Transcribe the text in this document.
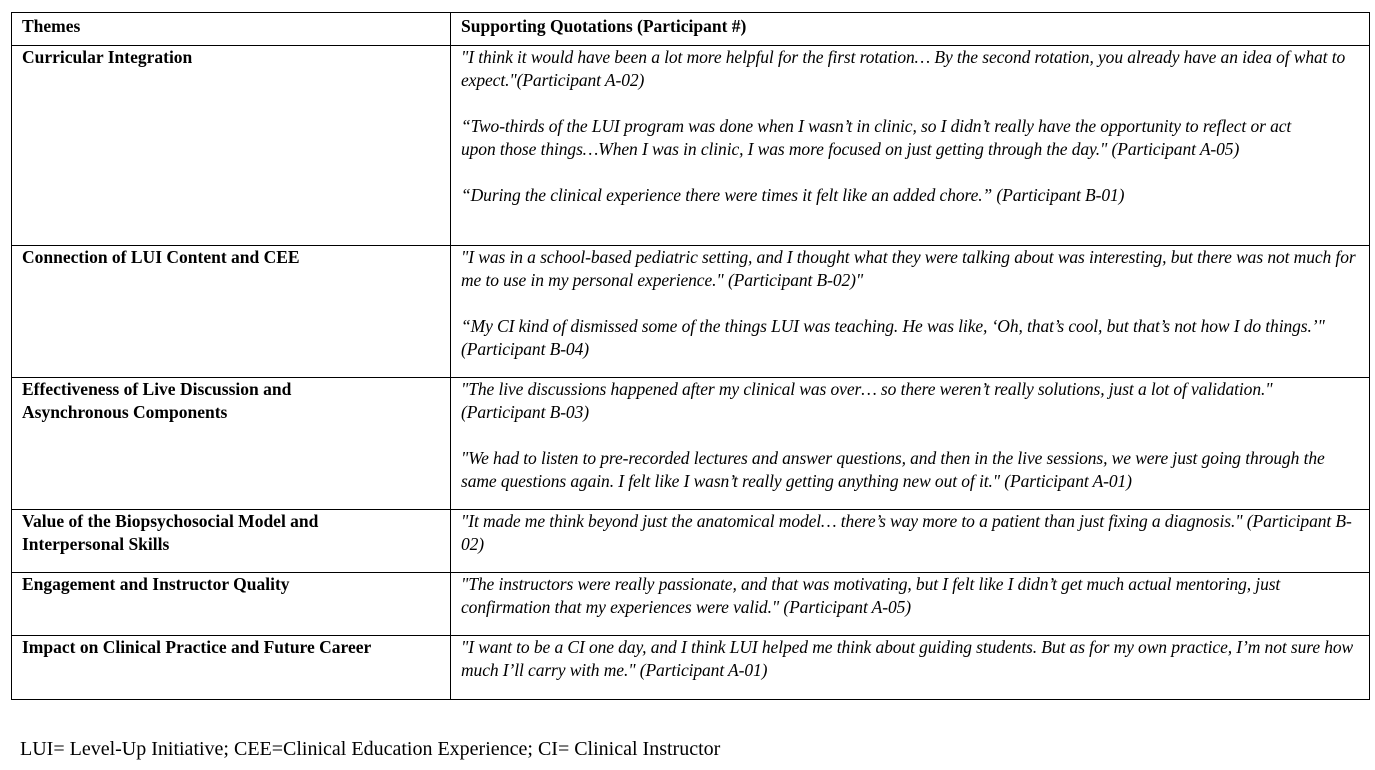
Themes	Supporting Quotations (Participant #)
Curricular Integration	"I think it would have been a lot more helpful for the first rotation… By the second rotation, you already have an idea of what to expect."(Participant A-02)

“Two-thirds of the LUI program was done when I wasn’t in clinic, so I didn’t really have the opportunity to reflect or act upon those things…When I was in clinic, I was more focused on just getting through the day." (Participant A-05)

“During the clinical experience there were times it felt like an added chore.” (Participant B-01)

Connection of LUI Content and CEE	"I was in a school-based pediatric setting, and I thought what they were talking about was interesting, but there was not much for me to use in my personal experience." (Participant B-02)"

“My CI kind of dismissed some of the things LUI was teaching. He was like, ‘Oh, that’s cool, but that’s not how I do things.’" (Participant B-04)

Effectiveness of Live Discussion and Asynchronous Components	"The live discussions happened after my clinical was over… so there weren’t really solutions, just a lot of validation." (Participant B-03)

"We had to listen to pre-recorded lectures and answer questions, and then in the live sessions, we were just going through the same questions again. I felt like I wasn’t really getting anything new out of it." (Participant A-01)

Value of the Biopsychosocial Model and Interpersonal Skills	"It made me think beyond just the anatomical model… there’s way more to a patient than just fixing a diagnosis." (Participant B-02)

Engagement and Instructor Quality	"The instructors were really passionate, and that was motivating, but I felt like I didn’t get much actual mentoring, just confirmation that my experiences were valid." (Participant A-05)

Impact on Clinical Practice and Future Career	"I want to be a CI one day, and I think LUI helped me think about guiding students. But as for my own practice, I’m not sure how much I’ll carry with me." (Participant A-01)

LUI= Level-Up Initiative; CEE=Clinical Education Experience; CI= Clinical Instructor
